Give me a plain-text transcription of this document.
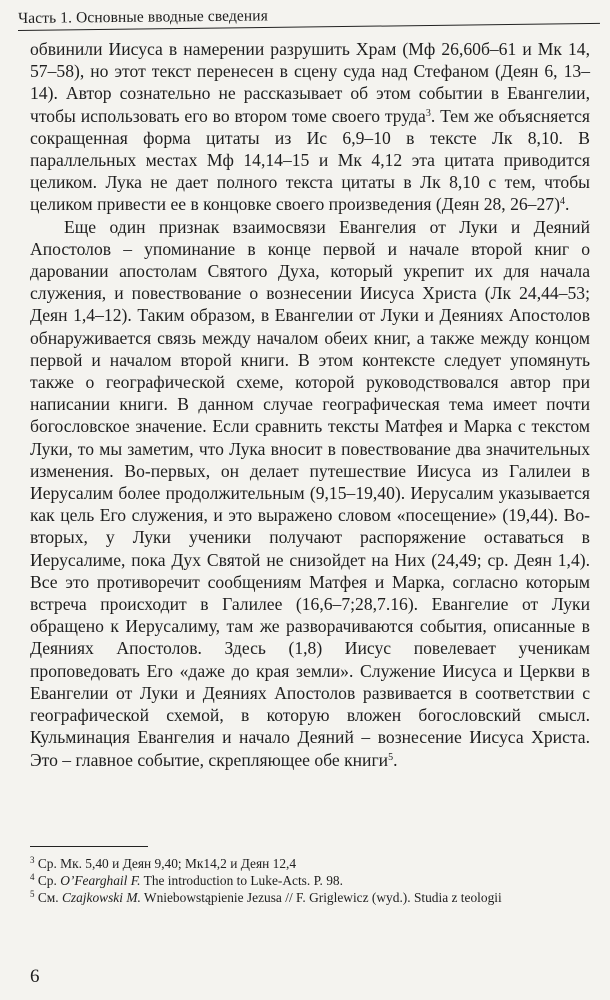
Часть 1. Основные вводные сведения

обвинили Иисуса в намерении разрушить Храм (Мф 26,60б–61 и Мк 14, 57–58), но этот текст перенесен в сцену суда над Стефаном (Деян 6, 13–14). Автор сознательно не рассказывает об этом событии в Евангелии, чтобы использовать его во втором томе своего труда$^3$. Тем же объясняется сокращенная форма цитаты из Ис 6,9–10 в тексте Лк 8,10. В параллельных местах Мф 14,14–15 и Мк 4,12 эта цитата приводится целиком. Лука не дает полного текста цитаты в Лк 8,10 с тем, чтобы целиком привести ее в концовке своего произведения (Деян 28, 26–27)$^4$.

Еще один признак взаимосвязи Евангелия от Луки и Деяний Апостолов – упоминание в конце первой и начале второй книг о даровании апостолам Святого Духа, который укрепит их для начала служения, и повествование о вознесении Иисуса Христа (Лк 24,44–53; Деян 1,4–12). Таким образом, в Евангелии от Луки и Деяниях Апостолов обнаруживается связь между началом обеих книг, а также между концом первой и началом второй книги. В этом контексте следует упомянуть также о географической схеме, которой руководствовался автор при написании книги. В данном случае географическая тема имеет почти богословское значение. Если сравнить тексты Матфея и Марка с текстом Луки, то мы заметим, что Лука вносит в повествование два значительных изменения. Во-первых, он делает путешествие Иисуса из Галилеи в Иерусалим более продолжительным (9,15–19,40). Иерусалим указывается как цель Его служения, и это выражено словом «посещение» (19,44). Во-вторых, у Луки ученики получают распоряжение оставаться в Иерусалиме, пока Дух Святой не снизойдет на Них (24,49; ср. Деян 1,4). Все это противоречит сообщениям Матфея и Марка, согласно которым встреча происходит в Галилее (16,6–7;28,7.16). Евангелие от Луки обращено к Иерусалиму, там же разворачиваются события, описанные в Деяниях Апостолов. Здесь (1,8) Иисус повелевает ученикам проповедовать Его «даже до края земли». Служение Иисуса и Церкви в Евангелии от Луки и Деяниях Апостолов развивается в соответствии с географической схемой, в которую вложен богословский смысл. Кульминация Евангелия и начало Деяний – вознесение Иисуса Христа. Это – главное событие, скрепляющее обе книги$^5$.

$^3$ Ср. Мк. 5,40 и Деян 9,40; Мк14,2 и Деян 12,4
$^4$ Ср. O’Fearghail F. The introduction to Luke-Acts. P. 98.
$^5$ См. Czajkowski M. Wniebowstąpienie Jezusa // F. Griglewicz (wyd.). Studia z teologii
6
